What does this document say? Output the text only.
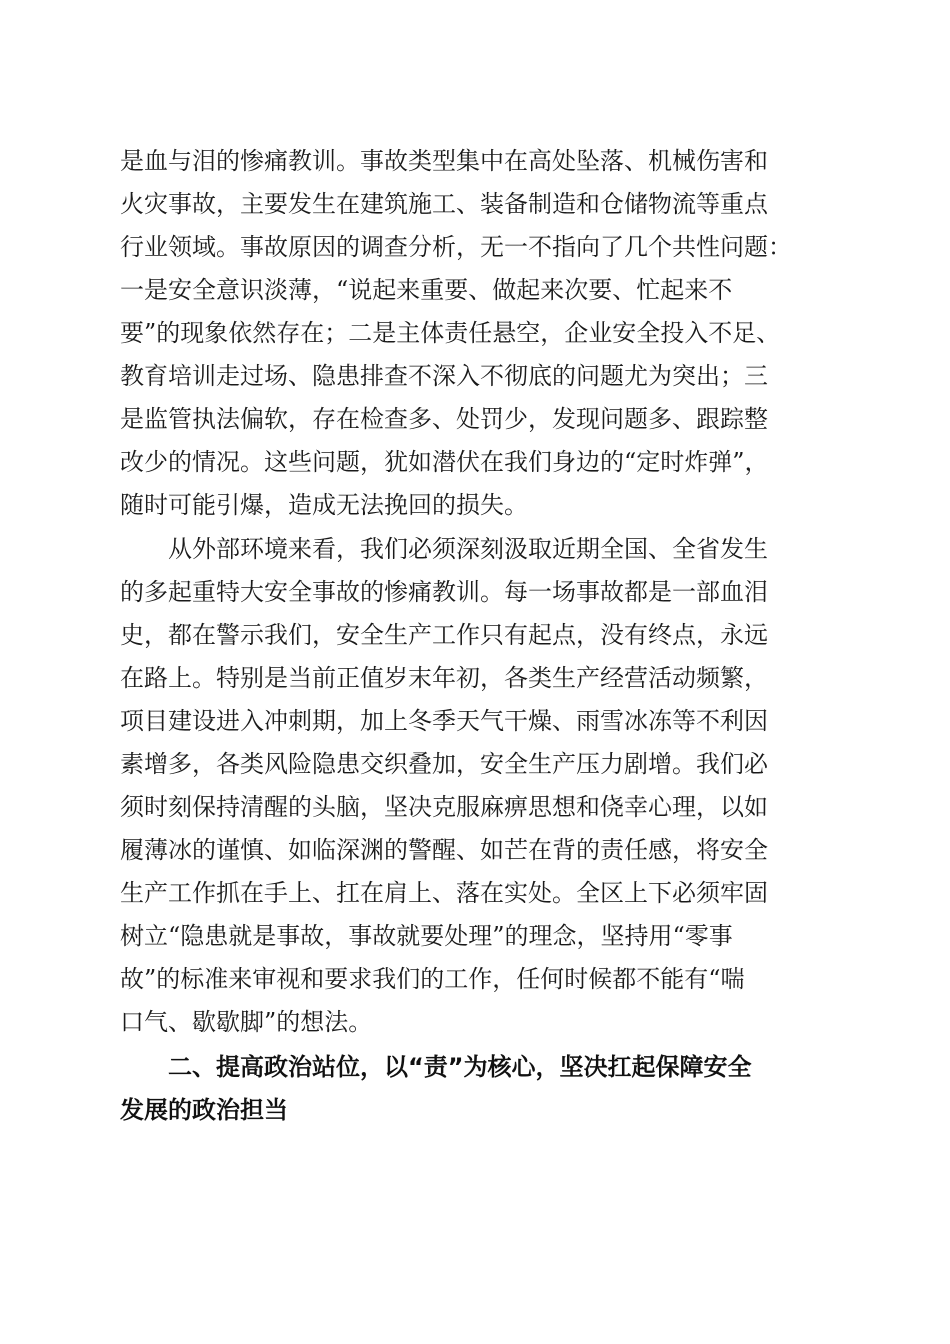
是血与泪的惨痛教训。事故类型集中在高处坠落、机械伤害和
火灾事故，主要发生在建筑施工、装备制造和仓储物流等重点
行业领域。事故原因的调查分析，无一不指向了几个共性问题：
一是安全意识淡薄，“说起来重要、做起来次要、忙起来不
要”的现象依然存在；二是主体责任悬空，企业安全投入不足、
教育培训走过场、隐患排查不深入不彻底的问题尤为突出；三
是监管执法偏软，存在检查多、处罚少，发现问题多、跟踪整
改少的情况。这些问题，犹如潜伏在我们身边的“定时炸弹”，
随时可能引爆，造成无法挽回的损失。
从外部环境来看，我们必须深刻汲取近期全国、全省发生
的多起重特大安全事故的惨痛教训。每一场事故都是一部血泪
史，都在警示我们，安全生产工作只有起点，没有终点，永远
在路上。特别是当前正值岁末年初，各类生产经营活动频繁，
项目建设进入冲刺期，加上冬季天气干燥、雨雪冰冻等不利因
素增多，各类风险隐患交织叠加，安全生产压力剧增。我们必
须时刻保持清醒的头脑，坚决克服麻痹思想和侥幸心理，以如
履薄冰的谨慎、如临深渊的警醒、如芒在背的责任感，将安全
生产工作抓在手上、扛在肩上、落在实处。全区上下必须牢固
树立“隐患就是事故，事故就要处理”的理念，坚持用“零事
故”的标准来审视和要求我们的工作，任何时候都不能有“喘
口气、歇歇脚”的想法。
二、提高政治站位，以“责”为核心，坚决扛起保障安全
发展的政治担当
